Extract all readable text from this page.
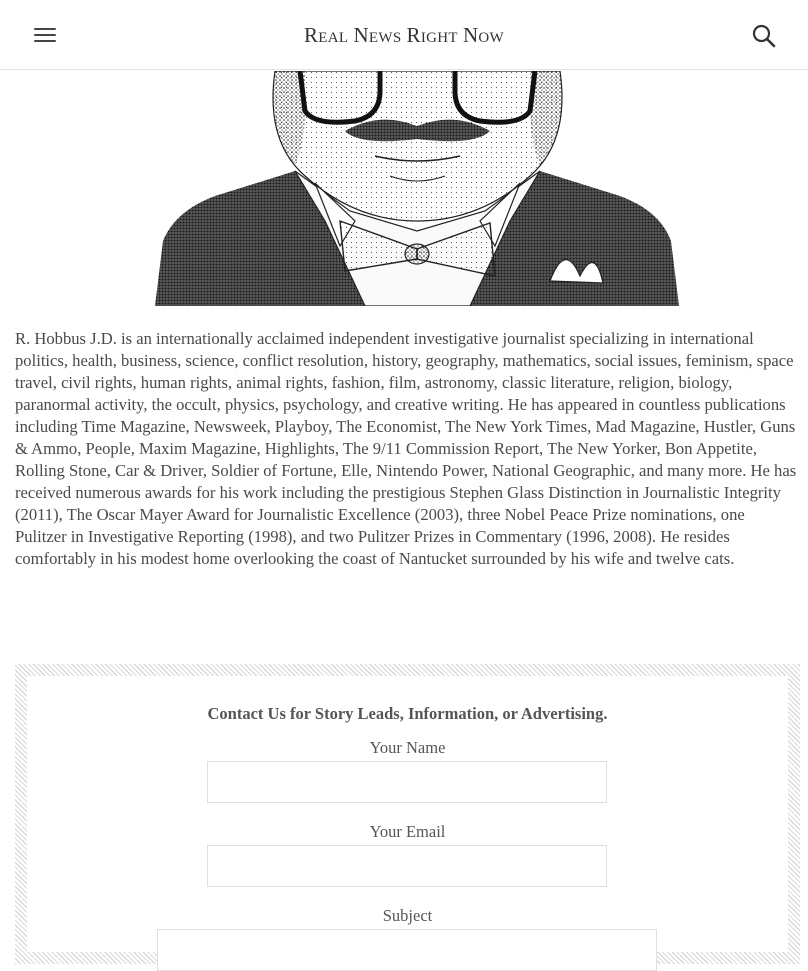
Real News Right Now

R. Hobbus J.D. is an internationally acclaimed independent investigative journalist specializing in international politics, health, business, science, conflict resolution, history, geography, mathematics, social issues, feminism, space travel, civil rights, human rights, animal rights, fashion, film, astronomy, classic literature, religion, biology, paranormal activity, the occult, physics, psychology, and creative writing. He has appeared in countless publications including Time Magazine, Newsweek, Playboy, The Economist, The New York Times, Mad Magazine, Hustler, Guns & Ammo, People, Maxim Magazine, Highlights, The 9/11 Commission Report, The New Yorker, Bon Appetite, Rolling Stone, Car & Driver, Soldier of Fortune, Elle, Nintendo Power, National Geographic, and many more. He has received numerous awards for his work including the prestigious Stephen Glass Distinction in Journalistic Integrity (2011), The Oscar Mayer Award for Journalistic Excellence (2003), three Nobel Peace Prize nominations, one Pulitzer in Investigative Reporting (1998), and two Pulitzer Prizes in Commentary (1996, 2008). He resides comfortably in his modest home overlooking the coast of Nantucket surrounded by his wife and twelve cats.

Contact Us for Story Leads, Information, or Advertising.
Your Name
Your Email
Subject
